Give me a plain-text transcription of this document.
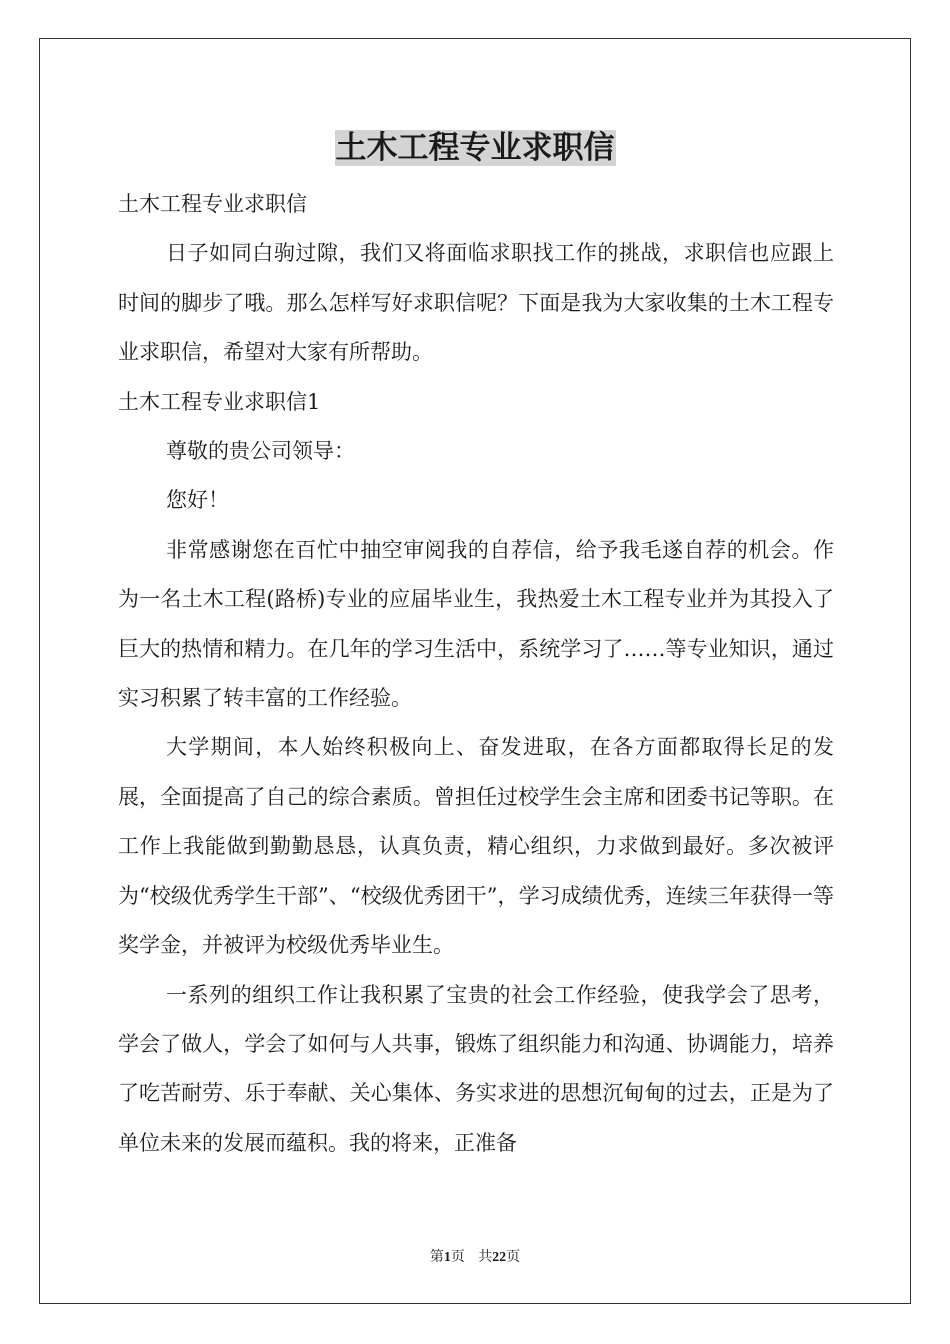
土木工程专业求职信

土木工程专业求职信

日子如同白驹过隙，我们又将面临求职找工作的挑战，求职信也应跟上时间的脚步了哦。那么怎样写好求职信呢？下面是我为大家收集的土木工程专业求职信，希望对大家有所帮助。

土木工程专业求职信1

尊敬的贵公司领导：

您好！

非常感谢您在百忙中抽空审阅我的自荐信，给予我毛遂自荐的机会。作为一名土木工程(路桥)专业的应届毕业生，我热爱土木工程专业并为其投入了巨大的热情和精力。在几年的学习生活中，系统学习了……等专业知识，通过实习积累了转丰富的工作经验。

大学期间，本人始终积极向上、奋发进取，在各方面都取得长足的发展，全面提高了自己的综合素质。曾担任过校学生会主席和团委书记等职。在工作上我能做到勤勤恳恳，认真负责，精心组织，力求做到最好。多次被评为“校级优秀学生干部”、“校级优秀团干”，学习成绩优秀，连续三年获得一等奖学金，并被评为校级优秀毕业生。

一系列的组织工作让我积累了宝贵的社会工作经验，使我学会了思考，学会了做人，学会了如何与人共事，锻炼了组织能力和沟通、协调能力，培养了吃苦耐劳、乐于奉献、关心集体、务实求进的思想沉甸甸的过去，正是为了单位未来的发展而蕴积。我的将来，正准备

第1页 共22页
